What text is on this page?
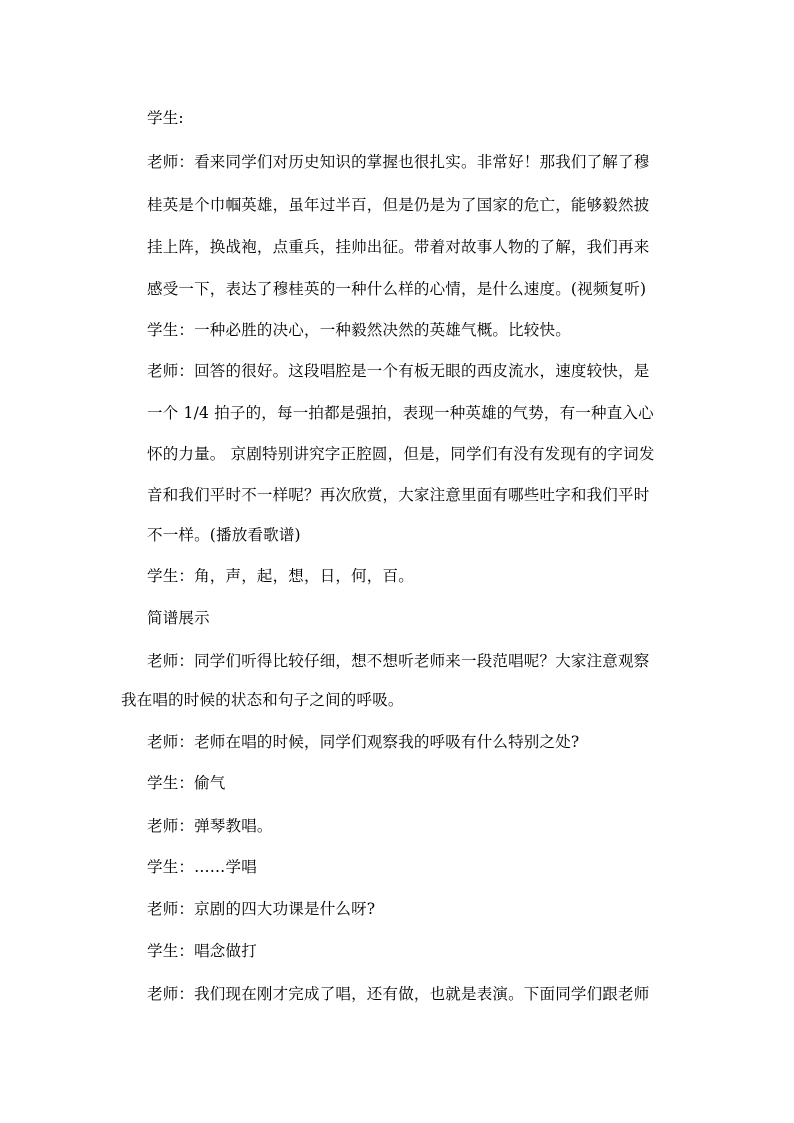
学生:
老师：看来同学们对历史知识的掌握也很扎实。非常好！那我们了解了穆
桂英是个巾帼英雄，虽年过半百，但是仍是为了国家的危亡，能够毅然披
挂上阵，换战袍，点重兵，挂帅出征。带着对故事人物的了解，我们再来
感受一下，表达了穆桂英的一种什么样的心情，是什么速度。(视频复听)
学生：一种必胜的决心，一种毅然决然的英雄气概。比较快。
老师：回答的很好。这段唱腔是一个有板无眼的西皮流水，速度较快，是
一个 1/4 拍子的，每一拍都是强拍，表现一种英雄的气势，有一种直入心
怀的力量。 京剧特别讲究字正腔圆，但是，同学们有没有发现有的字词发
音和我们平时不一样呢？再次欣赏，大家注意里面有哪些吐字和我们平时
不一样。(播放看歌谱)
学生：角，声，起，想，日，何，百。
简谱展示
老师：同学们听得比较仔细，想不想听老师来一段范唱呢？大家注意观察
我在唱的时候的状态和句子之间的呼吸。
老师：老师在唱的时候，同学们观察我的呼吸有什么特别之处?
学生：偷气
老师：弹琴教唱。
学生：……学唱
老师：京剧的四大功课是什么呀?
学生：唱念做打
老师：我们现在刚才完成了唱，还有做，也就是表演。下面同学们跟老师
